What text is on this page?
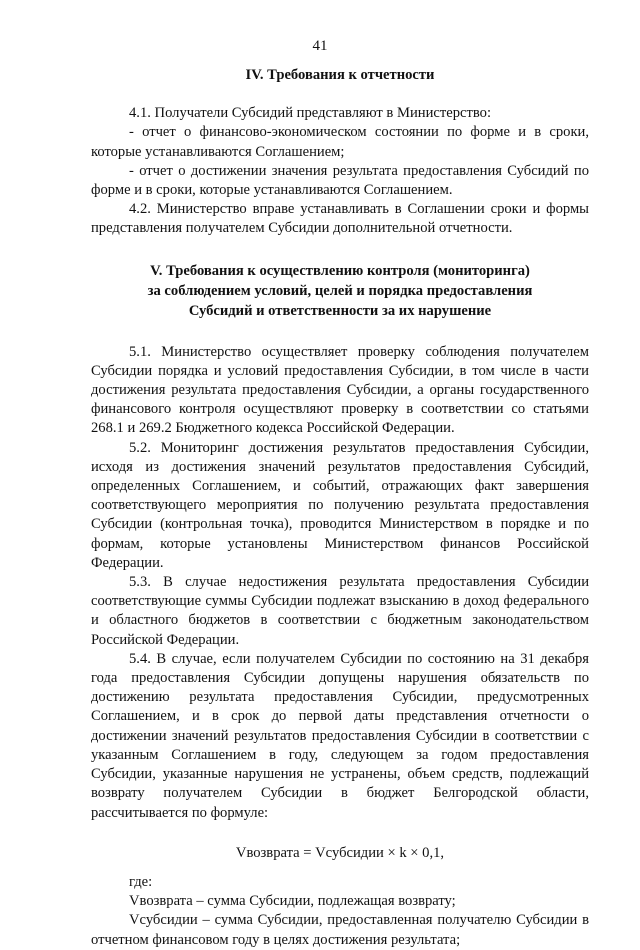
41

IV. Требования к отчетности

4.1. Получатели Субсидий представляют в Министерство:

- отчет о финансово-экономическом состоянии по форме и в сроки, которые устанавливаются Соглашением;

- отчет о достижении значения результата предоставления Субсидий по форме и в сроки, которые устанавливаются Соглашением.

4.2. Министерство вправе устанавливать в Соглашении сроки и формы представления получателем Субсидии дополнительной отчетности.

V. Требования к осуществлению контроля (мониторинга)
за соблюдением условий, целей и порядка предоставления
Субсидий и ответственности за их нарушение

5.1. Министерство осуществляет проверку соблюдения получателем Субсидии порядка и условий предоставления Субсидии, в том числе в части достижения результата предоставления Субсидии, а органы государственного финансового контроля осуществляют проверку в соответствии со статьями 268.1 и 269.2 Бюджетного кодекса Российской Федерации.

5.2. Мониторинг достижения результатов предоставления Субсидии, исходя из достижения значений результатов предоставления Субсидий, определенных Соглашением, и событий, отражающих факт завершения соответствующего мероприятия по получению результата предоставления Субсидии (контрольная точка), проводится Министерством в порядке и по формам, которые установлены Министерством финансов Российской Федерации.

5.3. В случае недостижения результата предоставления Субсидии соответствующие суммы Субсидии подлежат взысканию в доход федерального и областного бюджетов в соответствии с бюджетным законодательством Российской Федерации.

5.4. В случае, если получателем Субсидии по состоянию на 31 декабря года предоставления Субсидии допущены нарушения обязательств по достижению результата предоставления Субсидии, предусмотренных Соглашением, и в срок до первой даты представления отчетности о достижении значений результатов предоставления Субсидии в соответствии с указанным Соглашением в году, следующем за годом предоставления Субсидии, указанные нарушения не устранены, объем средств, подлежащий возврату получателем Субсидии в бюджет Белгородской области, рассчитывается по формуле:

Vвозврата = Vсубсидии × k × 0,1,

где:

Vвозврата – сумма Субсидии, подлежащая возврату;

Vсубсидии – сумма Субсидии, предоставленная получателю Субсидии в отчетном финансовом году в целях достижения результата;
